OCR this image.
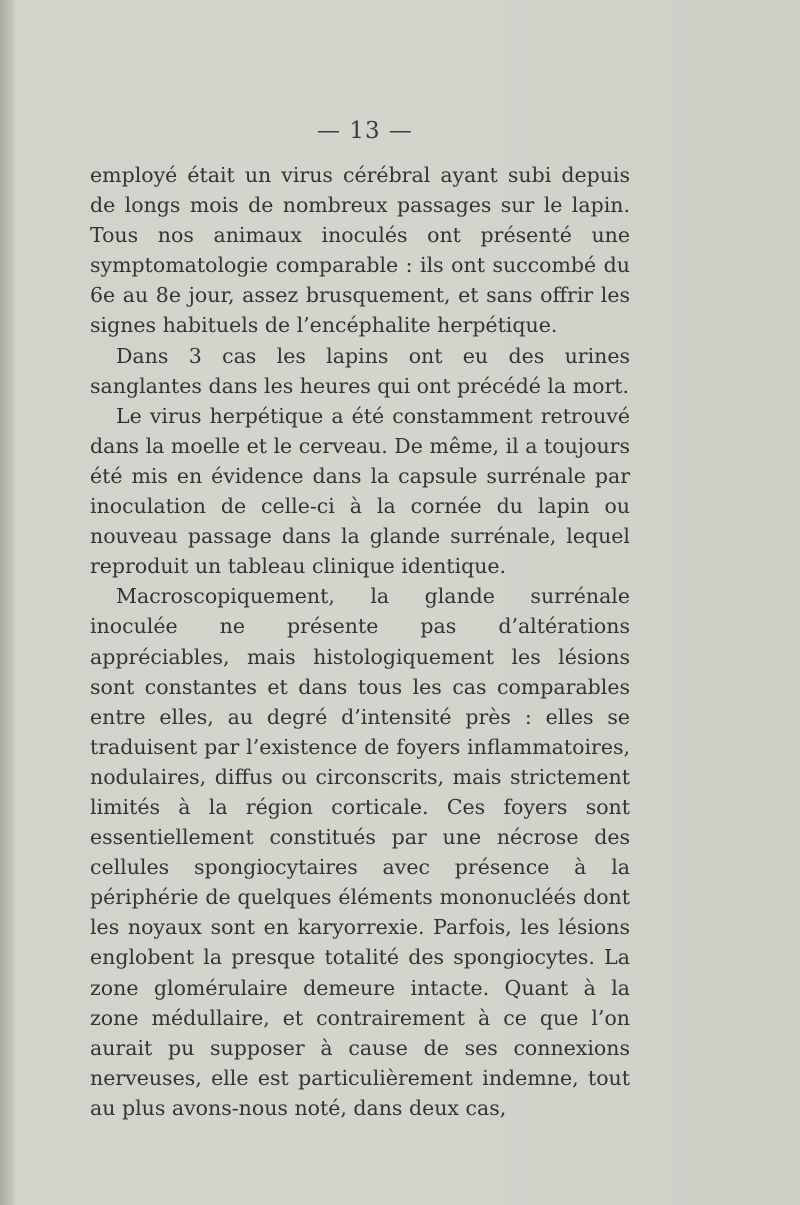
— 13 —

employé était un virus cérébral ayant subi depuis de longs mois de nombreux passages sur le lapin. Tous nos animaux inoculés ont présenté une symptomatologie comparable : ils ont succombé du 6e au 8e jour, assez brusquement, et sans offrir les signes habituels de l’encéphalite herpétique.

Dans 3 cas les lapins ont eu des urines sanglantes dans les heures qui ont précédé la mort.

Le virus herpétique a été constamment retrouvé dans la moelle et le cerveau. De même, il a toujours été mis en évidence dans la capsule surrénale par inoculation de celle-ci à la cornée du lapin ou nouveau passage dans la glande surrénale, lequel reproduit un tableau clinique identique.

Macroscopiquement, la glande surrénale inoculée ne présente pas d’altérations appréciables, mais histologiquement les lésions sont constantes et dans tous les cas comparables entre elles, au degré d’intensité près : elles se traduisent par l’existence de foyers inflammatoires, nodulaires, diffus ou circonscrits, mais strictement limités à la région corticale. Ces foyers sont essentiellement constitués par une nécrose des cellules spongiocytaires avec présence à la périphérie de quelques éléments mononucléés dont les noyaux sont en karyorrexie. Parfois, les lésions englobent la presque totalité des spongiocytes. La zone glomérulaire demeure intacte. Quant à la zone médullaire, et contrairement à ce que l’on aurait pu supposer à cause de ses connexions nerveuses, elle est particulièrement indemne, tout au plus avons-nous noté, dans deux cas,
